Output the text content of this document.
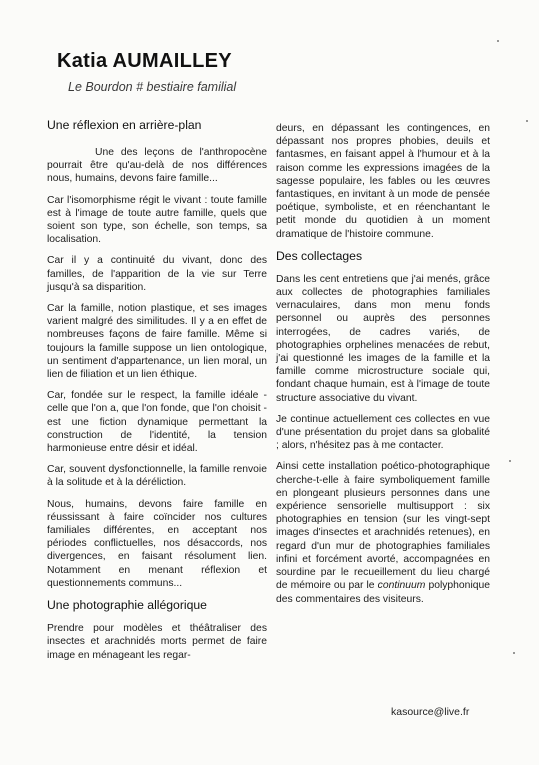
Katia AUMAILLEY

Le Bourdon # bestiaire familial

Une réflexion en arrière-plan

Une des leçons de l'anthropocène pourrait être qu'au-delà de nos différences nous, humains, devons faire famille...

Car l'isomorphisme régit le vivant : toute famille est à l'image de toute autre famille, quels que soient son type, son échelle, son temps, sa localisation.

Car il y a continuité du vivant, donc des familles, de l'apparition de la vie sur Terre jusqu'à sa disparition.

Car la famille, notion plastique, et ses images varient malgré des similitudes. Il y a en effet de nombreuses façons de faire famille. Même si toujours la famille suppose un lien ontologique, un sentiment d'appartenance, un lien moral, un lien de filiation et un lien éthique.

Car, fondée sur le respect, la famille idéale - celle que l'on a, que l'on fonde, que l'on choisit - est une fiction dynamique permettant la construction de l'identité, la tension harmonieuse entre désir et idéal.

Car, souvent dysfonctionnelle, la famille renvoie à la solitude et à la déréliction.

Nous, humains, devons faire famille en réussissant à faire coïncider nos cultures familiales différentes, en acceptant nos périodes conflictuelles, nos désaccords, nos divergences, en faisant résolument lien. Notamment en menant réflexion et questionnements communs...

Une photographie allégorique

Prendre pour modèles et théâtraliser des insectes et arachnidés morts permet de faire image en ménageant les regar-

deurs, en dépassant les contingences, en dépassant nos propres phobies, deuils et fantasmes, en faisant appel à l'humour et à la raison comme les expressions imagées de la sagesse populaire, les fables ou les œuvres fantastiques, en invitant à un mode de pensée poétique, symboliste, et en réenchantant le petit monde du quotidien à un moment dramatique de l'histoire commune.

Des collectages

Dans les cent entretiens que j'ai menés, grâce aux collectes de photographies familiales vernaculaires, dans mon menu fonds personnel ou auprès des personnes interrogées, de cadres variés, de photographies orphelines menacées de rebut, j'ai questionné les images de la famille et la famille comme microstructure sociale qui, fondant chaque humain, est à l'image de toute structure associative du vivant.

Je continue actuellement ces collectes en vue d'une présentation du projet dans sa globalité ; alors, n'hésitez pas à me contacter.

Ainsi cette installation poético-photographique cherche-t-elle à faire symboliquement famille en plongeant plusieurs personnes dans une expérience sensorielle multisupport : six photographies en tension (sur les vingt-sept images d'insectes et arachnidés retenues), en regard d'un mur de photographies familiales infini et forcément avorté, accompagnées en sourdine par le recueillement du lieu chargé de mémoire ou par le continuum polyphonique des commentaires des visiteurs.

kasource@live.fr
